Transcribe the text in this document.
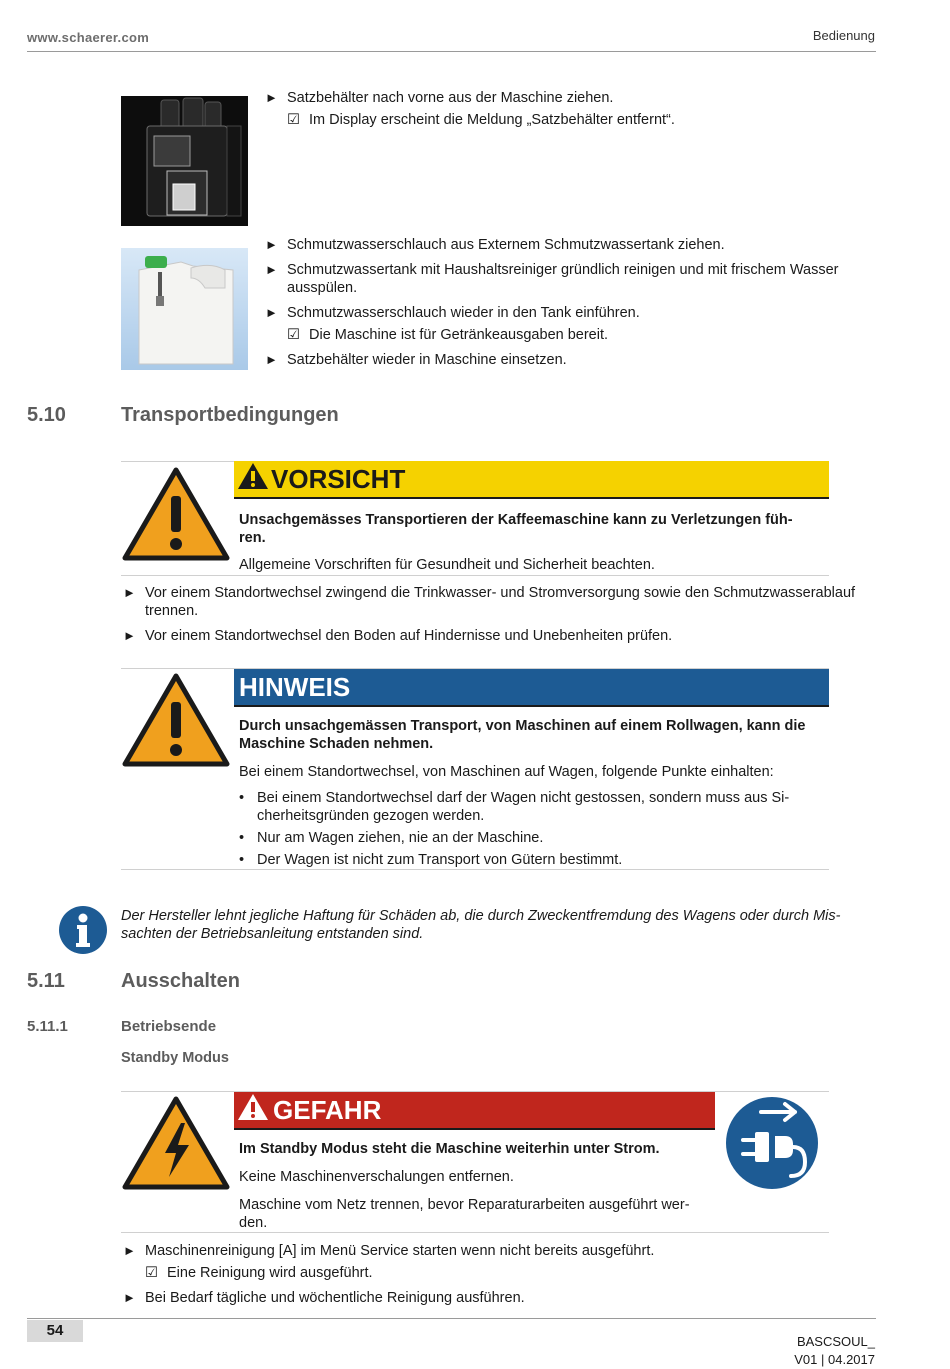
www.schaerer.com	Bedienung
► Satzbehälter nach vorne aus der Maschine ziehen.
☑ Im Display erscheint die Meldung „Satzbehälter entfernt“.
► Schmutzwasserschlauch aus Externem Schmutzwassertank ziehen.
► Schmutzwassertank mit Haushaltsreiniger gründlich reinigen und mit frischem Wasser ausspülen.
► Schmutzwasserschlauch wieder in den Tank einführen.
☑ Die Maschine ist für Getränkeausgaben bereit.
► Satzbehälter wieder in Maschine einsetzen.
5.10	Transportbedingungen
VORSICHT
Unsachgemässes Transportieren der Kaffeemaschine kann zu Verletzungen füh-ren.
Allgemeine Vorschriften für Gesundheit und Sicherheit beachten.
► Vor einem Standortwechsel zwingend die Trinkwasser- und Stromversorgung sowie den Schmutzwasserablauf trennen.
► Vor einem Standortwechsel den Boden auf Hindernisse und Unebenheiten prüfen.
HINWEIS
Durch unsachgemässen Transport, von Maschinen auf einem Rollwagen, kann die Maschine Schaden nehmen.
Bei einem Standortwechsel, von Maschinen auf Wagen, folgende Punkte einhalten:
• Bei einem Standortwechsel darf der Wagen nicht gestossen, sondern muss aus Si-cherheitsgründen gezogen werden.
• Nur am Wagen ziehen, nie an der Maschine.
• Der Wagen ist nicht zum Transport von Gütern bestimmt.
Der Hersteller lehnt jegliche Haftung für Schäden ab, die durch Zweckentfremdung des Wagens oder durch Mis-sachten der Betriebsanleitung entstanden sind.
5.11	Ausschalten
5.11.1	Betriebsende
Standby Modus
GEFAHR
Im Standby Modus steht die Maschine weiterhin unter Strom.
Keine Maschinenverschalungen entfernen.
Maschine vom Netz trennen, bevor Reparaturarbeiten ausgeführt wer-den.
► Maschinenreinigung [A] im Menü Service starten wenn nicht bereits ausgeführt.
☑ Eine Reinigung wird ausgeführt.
► Bei Bedarf tägliche und wöchentliche Reinigung ausführen.
54
BASCSOUL_
V01 | 04.2017
